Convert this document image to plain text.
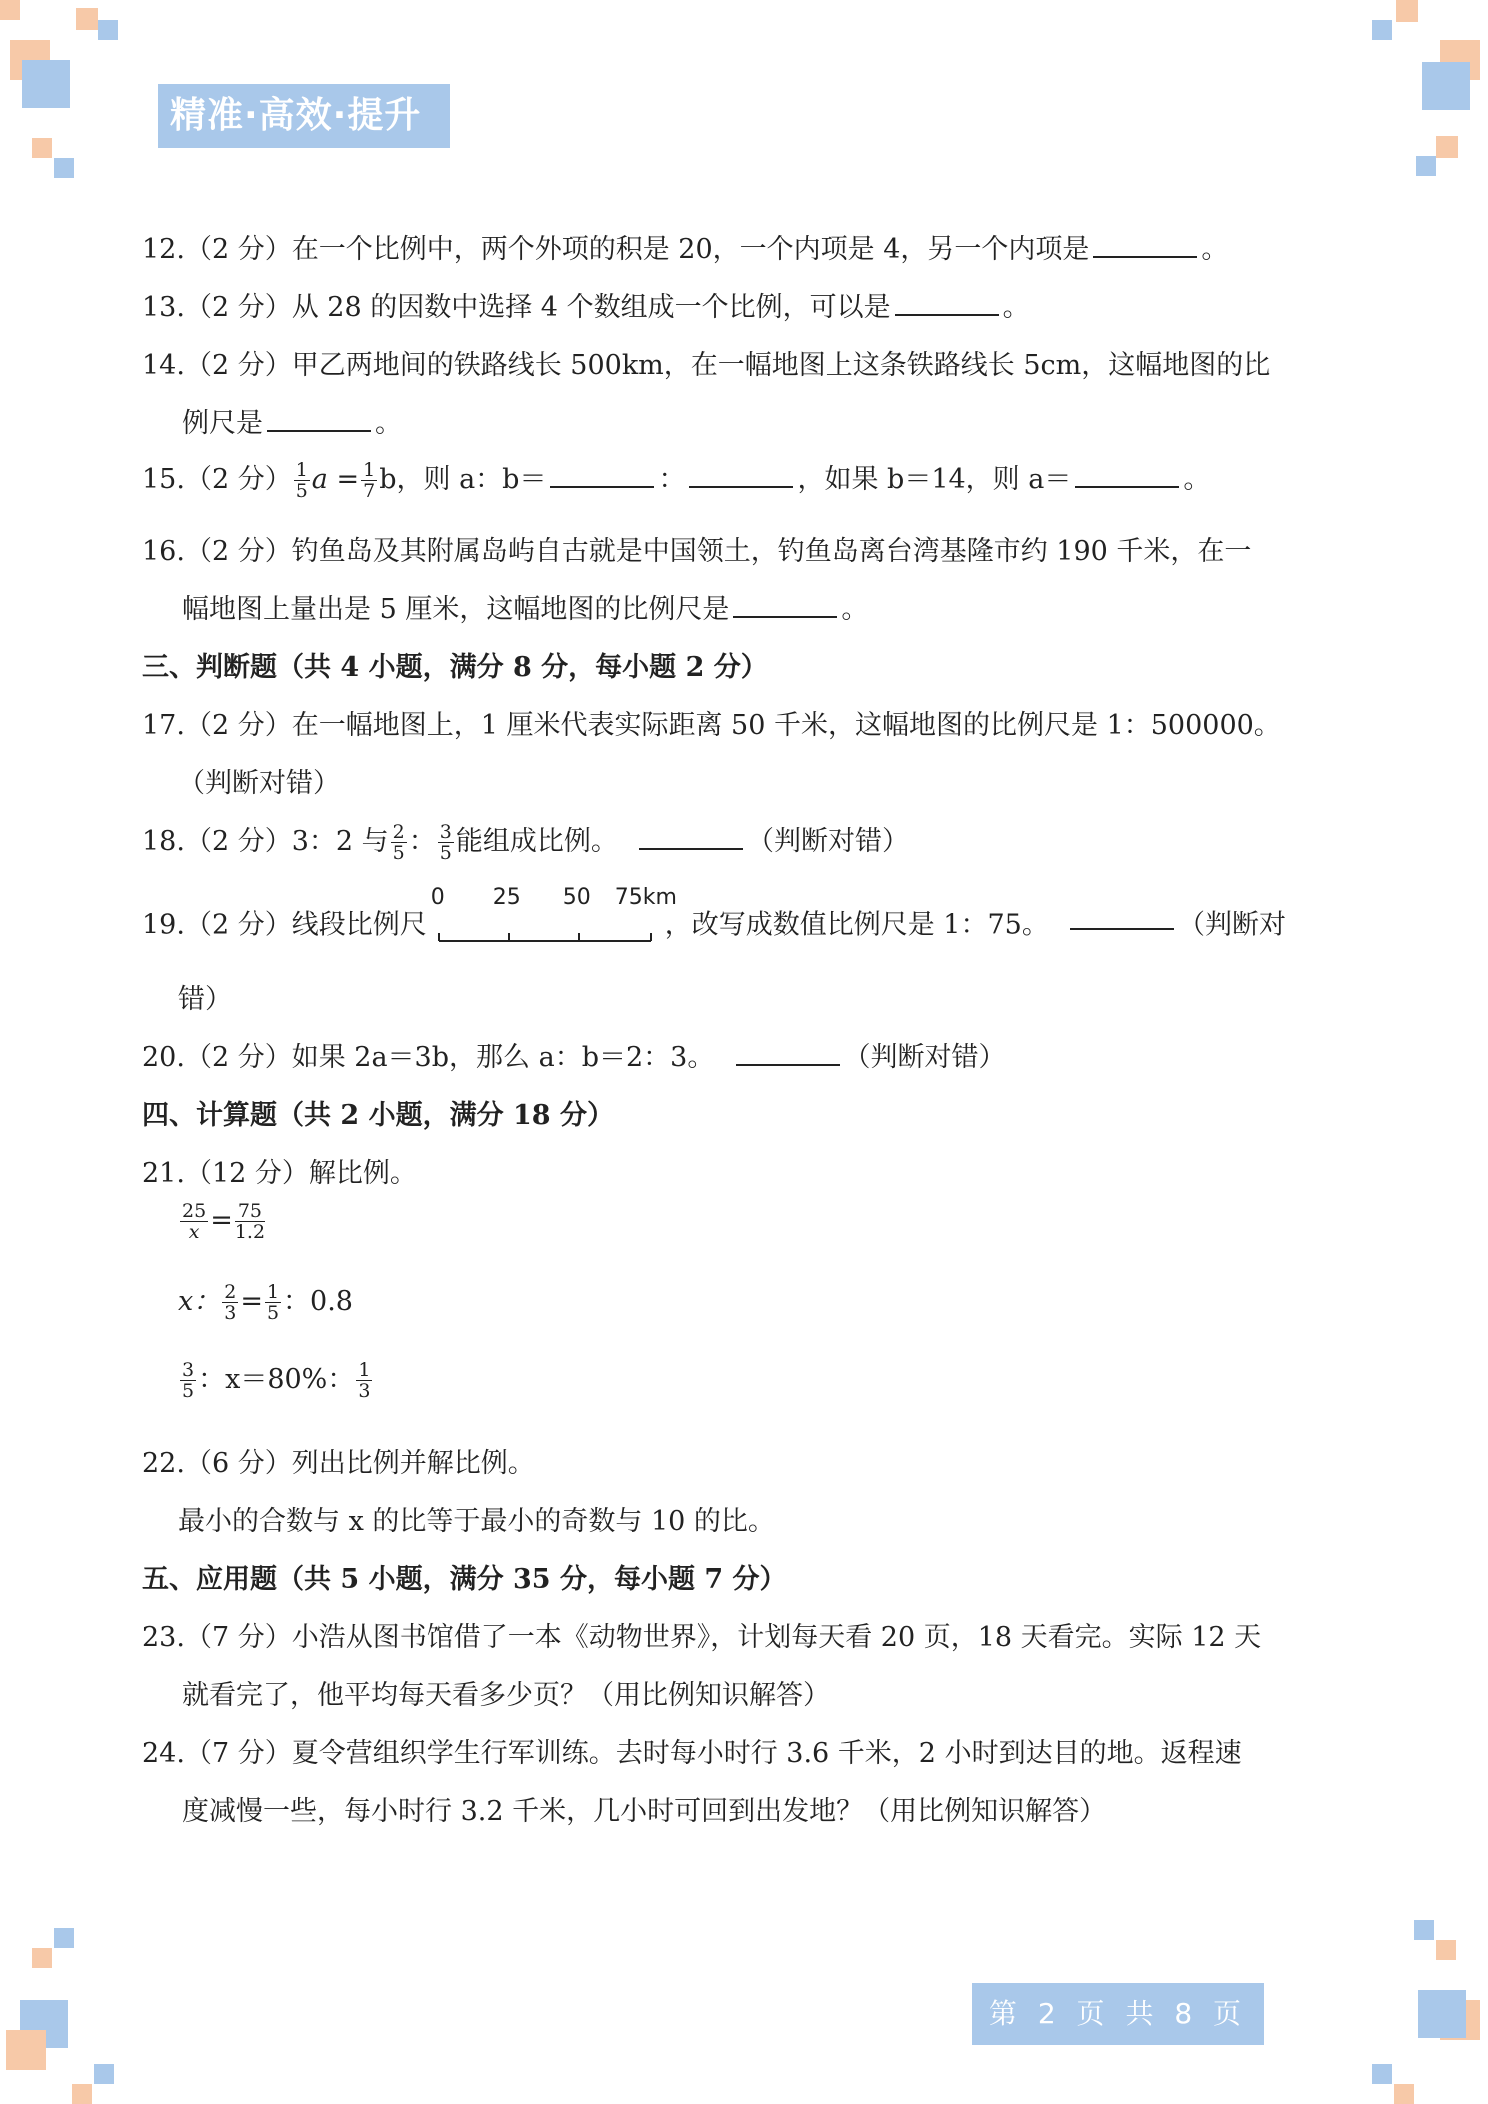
精准·高效·提升
12.（2 分）在一个比例中，两个外项的积是 20，一个内项是 4，另一个内项是	。
13.（2 分）从 28 的因数中选择 4 个数组成一个比例，可以是	。
14.（2 分）甲乙两地间的铁路线长 500km，在一幅地图上这条铁路线长 5cm，这幅地图的比
例尺是	。
15.（2 分） $\frac{1}{5}$ $a = \frac{1}{7}$ b，则 a：b＝	：	，如果 b＝14，则 a＝	。
16.（2 分）钓鱼岛及其附属岛屿自古就是中国领土，钓鱼岛离台湾基隆市约 190 千米，在一
幅地图上量出是 5 厘米，这幅地图的比例尺是	。
三、判断题（共 4 小题，满分 8 分，每小题 2 分）
17.（2 分）在一幅地图上，1 厘米代表实际距离 50 千米，这幅地图的比例尺是 1：500000。
（判断对错）
18.（2 分）3：2 与 $\frac{2}{5}$ ： $\frac{3}{5}$ 能组成比例。	（判断对错）
19.（2 分）线段比例尺
0 25 50 75km
，改写成数值比例尺是 1：75。	（判断对
错）
20.（2 分）如果 2a＝3b，那么 a：b＝2：3。	（判断对错）
四、计算题（共 2 小题，满分 18 分）
21.（12 分）解比例。
$\frac{25}{x} = \frac{75}{1.2}$
x： $\frac{2}{3} = \frac{1}{5}$ ：0.8
$\frac{3}{5}$ ：x＝80%： $\frac{1}{3}$
22.（6 分）列出比例并解比例。
最小的合数与 x 的比等于最小的奇数与 10 的比。
五、应用题（共 5 小题，满分 35 分，每小题 7 分）
23.（7 分）小浩从图书馆借了一本《动物世界》，计划每天看 20 页，18 天看完。实际 12 天
就看完了，他平均每天看多少页？（用比例知识解答）
24.（7 分）夏令营组织学生行军训练。去时每小时行 3.6 千米，2 小时到达目的地。返程速
度减慢一些，每小时行 3.2 千米，几小时可回到出发地？（用比例知识解答）
第 2 页 共 8 页
